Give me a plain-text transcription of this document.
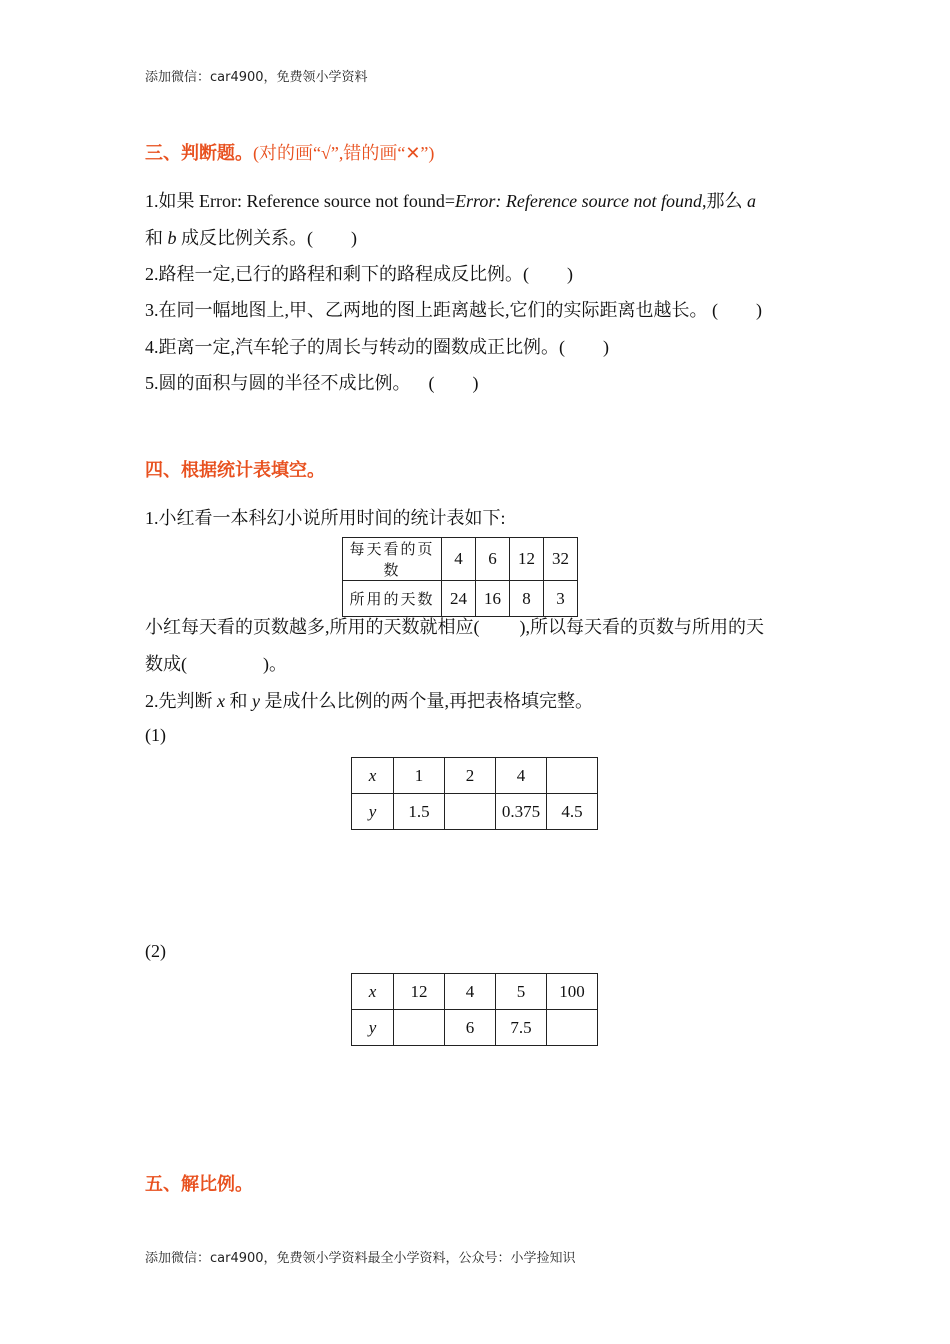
添加微信：car4900，免费领小学资料
三、判断题。(对的画“√”,错的画“✕”)
1.如果 Error: Reference source not found=Error: Reference source not found,那么 a
和 b 成反比例关系。( )
2.路程一定,已行的路程和剩下的路程成反比例。( )
3.在同一幅地图上,甲、乙两地的图上距离越长,它们的实际距离也越长。 ( )
4.距离一定,汽车轮子的周长与转动的圈数成正比例。( )
5.圆的面积与圆的半径不成比例。    ( )
四、根据统计表填空。
1.小红看一本科幻小说所用时间的统计表如下:
每天看的页数	4	6	12	32
所用的天数	24	16	8	3
小红每天看的页数越多,所用的天数就相应( ),所以每天看的页数与所用的天
数成(	)。
2.先判断 x 和 y 是成什么比例的两个量,再把表格填完整。
(1)
x	1	2	4	
y	1.5		0.375	4.5
(2)
x	12	4	5	100
y		6	7.5	
五、解比例。
添加微信：car4900，免费领小学资料最全小学资料，公众号：小学捡知识
